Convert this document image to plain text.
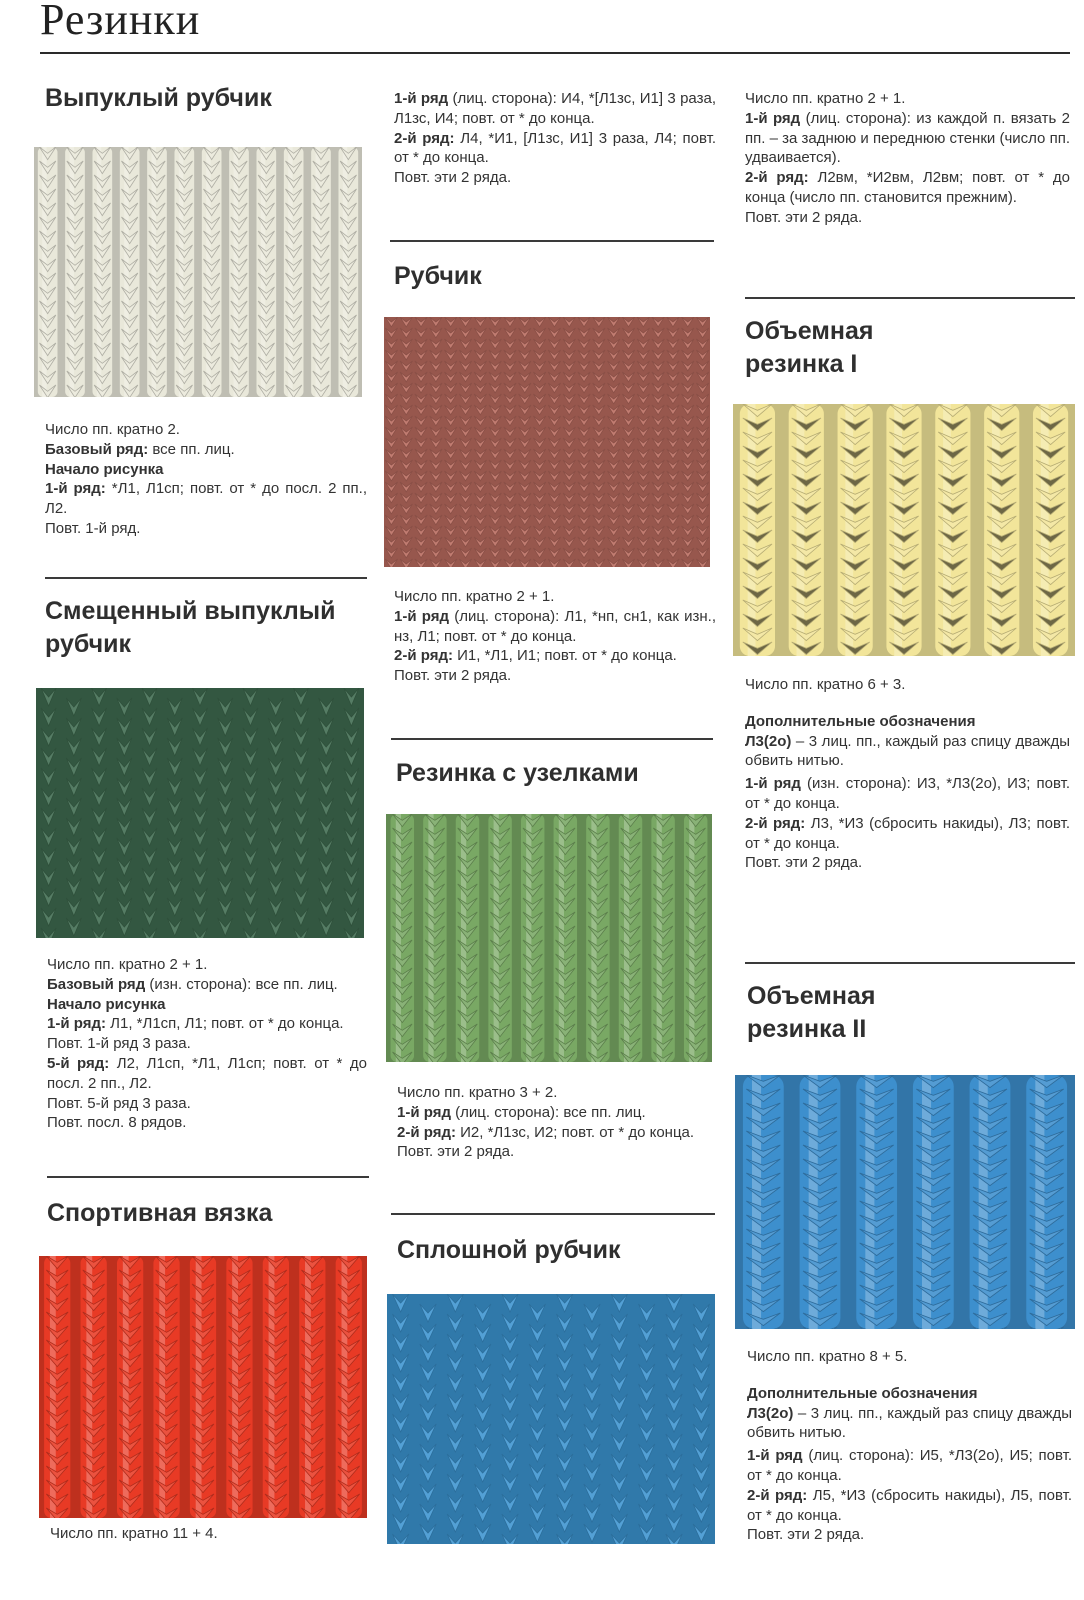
Резинки
Выпуклый рубчик

Число пп. кратно 2.

Базовый ряд: все пп. лиц.

Начало рисунка

1-й ряд: *Л1, Л1сп; повт. от * до посл. 2 пп., Л2.

Повт. 1-й ряд.

Смещенный выпуклый рубчик

Число пп. кратно 2 + 1.

Базовый ряд (изн. сторона): все пп. лиц.

Начало рисунка

1-й ряд: Л1, *Л1сп, Л1; повт. от * до конца.

Повт. 1-й ряд 3 раза.

5-й ряд: Л2, Л1сп, *Л1, Л1сп; повт. от * до посл. 2 пп., Л2.

Повт. 5-й ряд 3 раза.

Повт. посл. 8 рядов.

Спортивная вязка

Число пп. кратно 11 + 4.

1-й ряд (лиц. сторона): И4, *[Л1зс, И1] 3 раза, Л1зс, И4; повт. от * до конца.

2-й ряд: Л4, *И1, [Л1зс, И1] 3 раза, Л4; повт. от * до конца.

Повт. эти 2 ряда.

Рубчик

Число пп. кратно 2 + 1.

1-й ряд (лиц. сторона): Л1, *нп, сн1, как изн., нз, Л1; повт. от * до конца.

2-й ряд: И1, *Л1, И1; повт. от * до конца.

Повт. эти 2 ряда.

Резинка с узелками

Число пп. кратно 3 + 2.

1-й ряд (лиц. сторона): все пп. лиц.

2-й ряд: И2, *Л1зс, И2; повт. от * до конца.

Повт. эти 2 ряда.

Сплошной рубчик

Число пп. кратно 2 + 1.

1-й ряд (лиц. сторона): из каждой п. вязать 2 пп. – за заднюю и переднюю стенки (число пп. удваивается).

2-й ряд: Л2вм, *И2вм, Л2вм; повт. от * до конца (число пп. становится прежним).

Повт. эти 2 ряда.

Объемная резинка I

Число пп. кратно 6 + 3.

Дополнительные обозначения

Л3(2о) – 3 лиц. пп., каждый раз спицу дважды обвить нитью.

1-й ряд (изн. сторона): И3, *Л3(2о), И3; повт. от * до конца.

2-й ряд: Л3, *И3 (сбросить накиды), Л3; повт. от * до конца.

Повт. эти 2 ряда.

Объемная резинка II

Число пп. кратно 8 + 5.

Дополнительные обозначения

Л3(2о) – 3 лиц. пп., каждый раз спицу дважды обвить нитью.

1-й ряд (лиц. сторона): И5, *Л3(2о), И5; повт. от * до конца.

2-й ряд: Л5, *И3 (сбросить накиды), Л5, повт. от * до конца.

Повт. эти 2 ряда.
